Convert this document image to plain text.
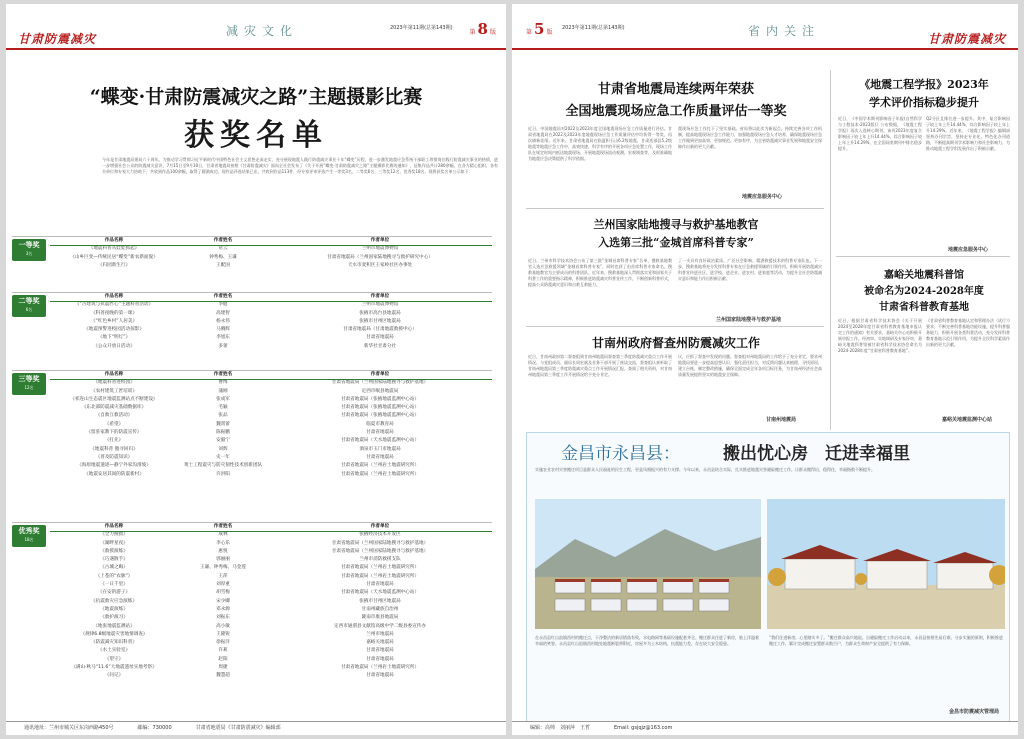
甘肃防震减灾
减灾文化	2023年第11期(总第143期)
第 8 版
“蝶变·甘肃防震减灾之路”主题摄影比赛
获奖名单
今年是甘肃地震局建局六十周年。为推动学习贯彻习近平新时代中国特色社会主义思想走深走实，充分展现地震人践行防震减灾事业十年“蝶变”历程，进一步激发地震应急系统干部职工珍惜岗位践行防震减灾事业的热情，进一步增强社会公众的防震减灾意识，7月15日至9月30日，甘肃省地震局按照《甘肃防震减灾》面向全社会发布了《关于开展“蝶变·甘肃防震减灾之路”主题摄影比赛的通知》，征集作品共计280余幅，在各方精心组织、各有关单位和专家大力协助下，共收到作品100余幅，取得了圆满成功。现作品评选结果已出，共收到作品113件，经专家评审评选产生一等奖3名，二等奖6名，三等奖12名，优秀奖18名。现将获奖名单公示如下：
一等奖
3名
作品名称	作者姓名	作者单位
《地震科普从娃娃抓起》	常云	兰州市地震博物馆
《山乡巨变—传统民居“蝶变”新农新面貌》	钟秀梅、王谦	甘肃省地震局（兰州国家陆地搜寻与救护研究中心）
《归园新生行》	王配国	天水市麦积区王家岭社区办事处
二等奖
6名
作品名称	作者姓名	作者单位
《“古建筑与抗震匠心”主题科普活动》	李健	兰州市地震博物馆
《科普夜晚的第一课》	高建智	张掖市高台县地震局
《“红色乡村”人居美》	杨永伟	张掖市甘州区地震局
《地震预警进校园活动掠影》	马腾辉	甘肃省地震局（甘肃地震救援中心）
《地下“明灯”》	李旭东	甘肃省地震局
《公众开放日活动》	多蕾	新华社甘肃分社
三等奖
12名
作品名称	作者姓名	作者单位
《地震科普进校园》	曹博	甘肃省地震局（兰州国家陆地搜寻与救护基地）
《农村建筑工匠培训》	蒲刚	定西市岷县地震局
《祁连山生态震区地震监测站点不断建设》	张成军	甘肃省地震局（张掖地震监测中心站）
《东北部防震减灾基础数据库》	毛颖	甘肃省地震局（张掖地震监测中心站）
《自救互救活动》	张品	甘肃省地震局（张掖地震监测中心站）
《希望》	魏霄蕾	临夏市教育局
《留驻家教下的防震宣传》	陈振鹏	甘肃省地震局
《打先》	安毅宁	甘肃省地震局（天水地震监测中心站）
《地震科普 傲寻回归》	刘辉	酒泉市玉门市地震局
《普及防震知识》	史一年	甘肃省地震局
《海原地震遗迹—静宁外家沟滑坡》	黄土工程震灾与防灾韧性技术创新团队	甘肃省地震局（兰州岩土地震研究所）
《地震安居其间的防震新村》	许洪阳	甘肃省地震局（兰州岩土地震研究所）
优秀奖
18名
作品名称	作者姓名	作者单位
《全力搜救》	成林	张掖经济技术开发区
《湖畔星夜》	李心乐	甘肃省地震局（兰州国家陆地搜寻与救护基地）
《救援演练》	惠悦	甘肃省地震局（兰州国家陆地搜寻与救护基地）
《巧遇散手》	郭丽丽	兰州市消防救援支队
《古城之晦》	王谦、钟秀梅、马金莲	甘肃省地震局（兰州岩土地震研究所）
《上苍的“农脉”》	王萍	甘肃省地震局（兰州岩土地震研究所）
《一日千里》	刘厚重	甘肃省地震局
《在安的游子》	胡雪梅	甘肃省地震局（天水地震监测中心站）
《抗震救灾应急演练》	宋少卿	张掖市甘州区地震局
《地震演练》	邓永源	甘南州藏族自治州
《救护演习》	刘振东	陇南市康县地震局
《地张地震监测站》	高小敏	定西市通渭县文献馆高级中学二级县委宣传办
《规律6.8级地震灾害地情调查》	王隆锐	兰州市地震局
《防震减灾知识科普》	徐振洋	嘉峪关地震局
《水土实验室》	许莉	甘肃省地震局
《望守》	赵阳	甘肃省地震局
《满山·秋马“11.6”大地震遗址实地考察》	周捷	甘肃省地震局（兰州岩土地震研究所）
《问记》	魏慧超	甘肃省地震局
通讯地址：兰州市城关区东岗西路450号	邮编：730000	甘肃省地震局《甘肃防震减灾》编辑部
第 5 版
2023年第11期(总第143期)	省内关注
甘肃防震减灾
甘肃省地震局连续两年荣获
全国地震现场应急工作质量评估一等奖
近日，中国地震局对2022及2023年度全国地震现场应急工作质量进行评估。甘肃省地震局在2022及2023年度地震现场应急工作质量评估中均获得一等奖，再次刷新佳绩。近年来，甘肃省地震局在临夏积石山6.2级地震、甘肃迭部县5.2级地震等地震应急工作中，高效快速，科学有序的开展各项应急处置工作，现场工作队在规定时间内抵达地震现场，开展地震现场流动观测、宏观调查等，及时准确地为地震应急决策提供了科学依据。
震现场应急工作打下了坚实基础。省局将以此次为新起点，持续完善各项工作机制，提高地震现场应急工作能力，加强地震现场应急人才培养，确保地震现场应急工作做到更加高效、更加规范、更加有序，为全省防震减灾事业发展和地震安全保障作出新的更大贡献。
地震应急服务中心
兰州国家陆地搜寻与救护基地教官
入选第三批“金城首席科普专家”
近日，兰州市科学技术协会公布了第三批“金城首席科普专家”名单，搜救基地教官入选应急救援领域“金城首席科普专家”，同时也获了由首席科普专家命名，搜救基地教官为主要成员的科普团队。近年来，搜救基地深入贯彻落实党和国家关于科普工作的重要指示精神，积极推进防震减灾科普宣传工作，不断创新科普形式，提高公众防震减灾意识和自救互救能力。
了一支具有良好政治素质、广泛社会影响、精湛救援技术的科普专家队伍。下一步，搜救基地将充分发挥科普专家在应急救援领域的引领作用，积极开展防震减灾科普宣传进社区、进学校、进企业、进农村、进家庭等活动，为提升全社会防震减灾意识和能力作出积极贡献。
兰州国家陆地搜寻与救护基地
甘南州政府督查州防震减灾工作
近日，甘南州政府第二督查组到甘南州地震局督查第三季度防震减灾重点工作开展情况。与党组成员、副局长周宏斌及业务干部开展了座谈交流，督查组认真听取了甘南州地震局第三季度防震减灾重点工作开展情况汇报，查阅了相关资料，对甘南州地震局第三季度工作开展情况给予充分肯定。
议，应抓了督查中发现的问题。督查组对州地震局的工作给予了充分肯定，要求州地震局要进一步提高思想认识，强化责任担当，对反馈问题认真梳理，寻找原因，建立台账，制定整改措施，确保全面完成全年各项目标任务，为甘南州经济社会高质量发展提供坚实的地震安全保障。
甘南州地震局
《地震工程学报》2023年
学术评价指标稳步提升
近日，《中国学术期刊影响因子年报(自然科学与工程技术·2023版)》公布数据，《地震工程学报》再次入选核心期刊。该刊2023年度复合影响因子较上年上升14.44%，综合影响因子较上年上升14.29%，在全国同类期刊中排名稳步提升。
Q2分区且排名进一步提升。其中，复合影响因子较上年上升14.44%，综合影响因子较上年上升14.29%。近年来，《地震工程学报》编辑部坚持办刊宗旨，坚持走专业化、特色化办刊道路，不断提高期刊学术影响力和社会影响力，为推动地震工程学科发展作出了积极贡献。
地震应急服务中心
嘉峪关地震科普馆
被命名为2024-2028年度
甘肃省科普教育基地
近日，根据甘肃省科学技术协会《关于开展2024至2028年度甘肃省科普教育基地申报认定工作的通知》有关要求，嘉峪关中心站积极开展申报工作。经初审、实地调研及专家评审，嘉峪关地震科普馆被甘肃省科学技术协会命名为2024-2028年度“甘肃省科普教育基地”。
《甘肃省科普教育基地认定和管理办法（试行）》要求，不断完善科普基地功能设施，提升科普服务能力，积极开展各类科普活动，充分发挥科普教育基地示范引领作用，为提升全民科学素质作出新的更大贡献。
嘉峪关地震监测中心站
金昌市永昌县：	搬出忧心房　迁进幸福里
实施农业农村灾害搬迁项目是群众人民福祉的民生工程，更是凤凰振兴的有力支撑。今年以来，永昌县结合实际，扎实推进地震灾害避险搬迁工作，让群众搬得出、稳得住，幸福指数不断提升。
在永昌县红山窑镇西村的搬迁点，干净整洁的新居错落有致，水电路网等基础设施配套齐全。搬迁群众住进了新房，脸上洋溢着幸福的笑容。永昌县红山窑镇西村地处地震断裂带附近，房屋多为土木结构，抗震能力差，存在较大安全隐患。
“我们住进新房，心里踏实多了。”搬迁群众高兴地说。自避险搬迁工作启动以来，永昌县按照先易后难、分步实施的原则，积极推进搬迁工作，累计完成搬迁安置群众数百户，为群众生命财产安全提供了有力保障。
金昌市防震减灾管理局
编辑：高帅　刘丽萍　王哲	Email: gsjqjz@163.com
